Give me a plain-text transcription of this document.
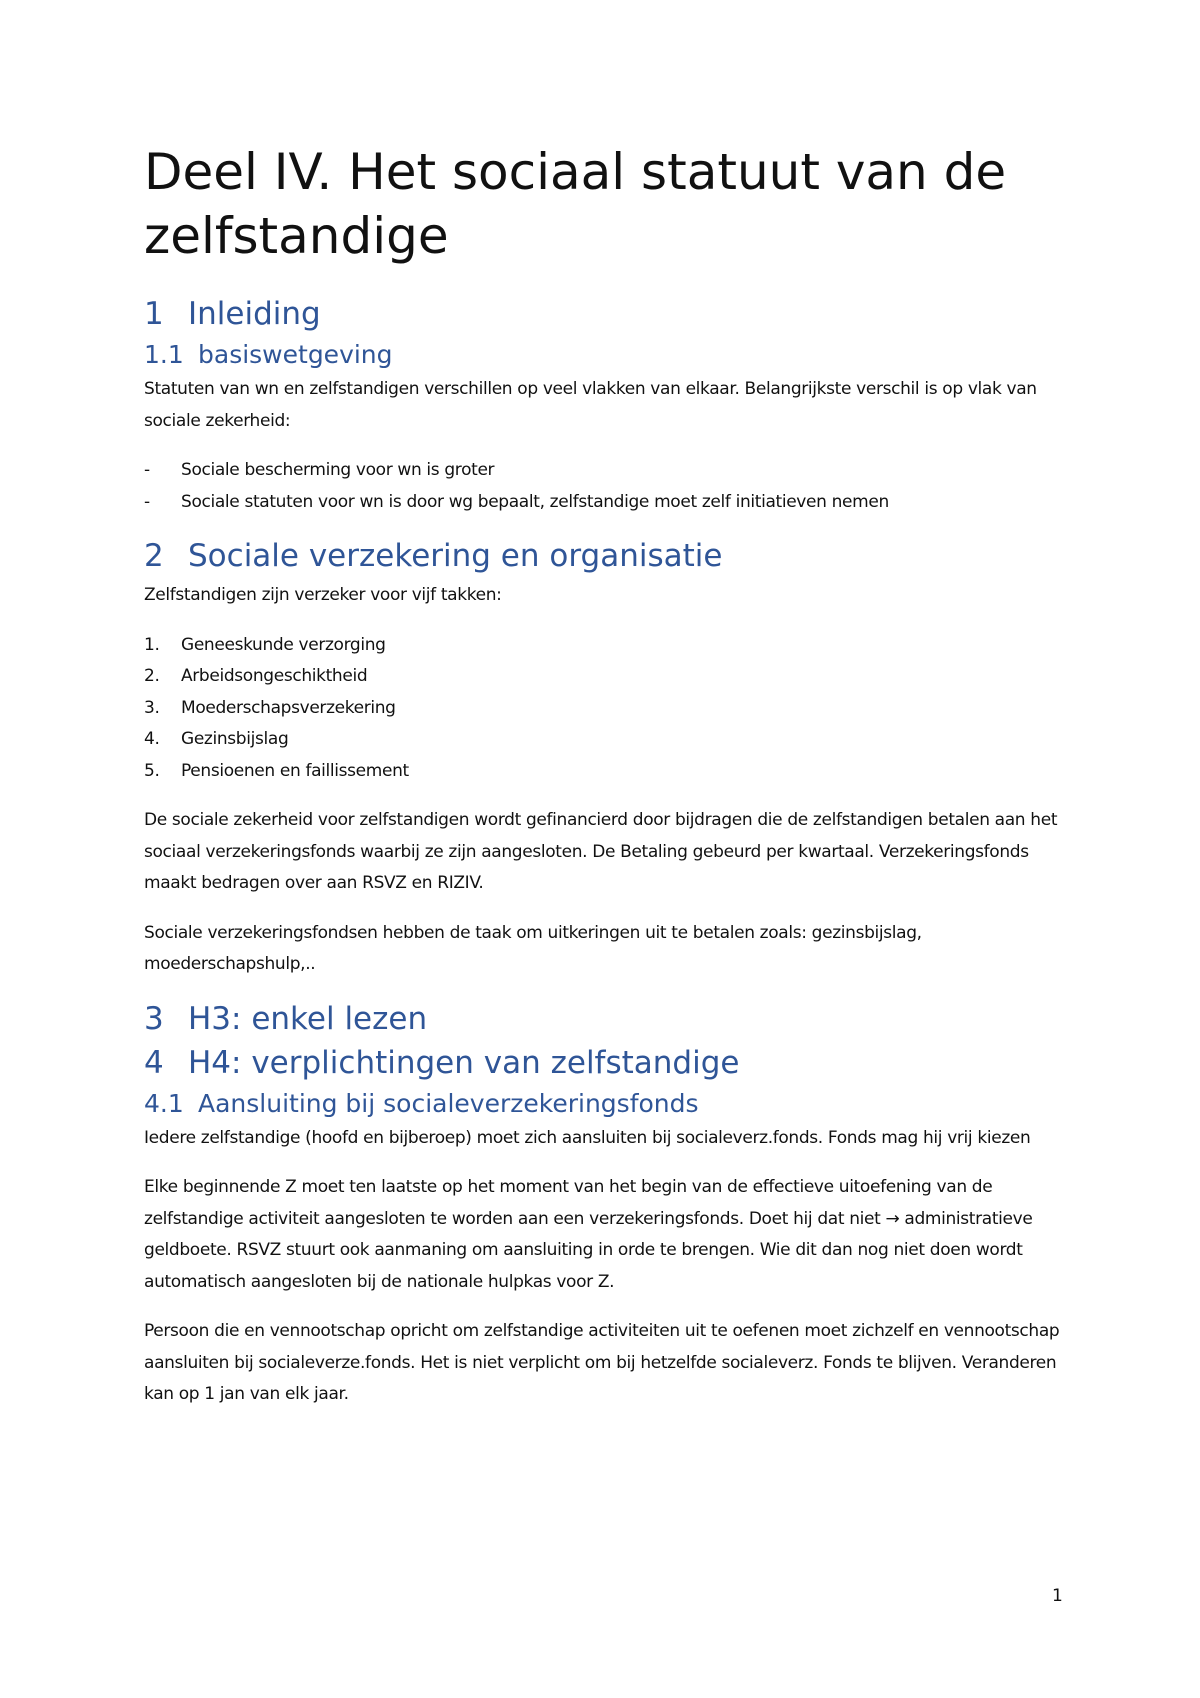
Deel IV. Het sociaal statuut van de zelfstandige
1 Inleiding
1.1 basiswetgeving

Statuten van wn en zelfstandigen verschillen op veel vlakken van elkaar. Belangrijkste verschil is op vlak van sociale zekerheid:

- Sociale bescherming voor wn is groter
- Sociale statuten voor wn is door wg bepaalt, zelfstandige moet zelf initiatieven nemen
2 Sociale verzekering en organisatie

Zelfstandigen zijn verzeker voor vijf takken:

1. Geneeskunde verzorging
2. Arbeidsongeschiktheid
3. Moederschapsverzekering
4. Gezinsbijslag
5. Pensioenen en faillissement

De sociale zekerheid voor zelfstandigen wordt gefinancierd door bijdragen die de zelfstandigen betalen aan het sociaal verzekeringsfonds waarbij ze zijn aangesloten. De Betaling gebeurd per kwartaal. Verzekeringsfonds maakt bedragen over aan RSVZ en RIZIV.

Sociale verzekeringsfondsen hebben de taak om uitkeringen uit te betalen zoals: gezinsbijslag, moederschapshulp,..

3 H3: enkel lezen
4 H4: verplichtingen van zelfstandige
4.1 Aansluiting bij socialeverzekeringsfonds

Iedere zelfstandige (hoofd en bijberoep) moet zich aansluiten bij socialeverz.fonds. Fonds mag hij vrij kiezen

Elke beginnende Z moet ten laatste op het moment van het begin van de effectieve uitoefening van de zelfstandige activiteit aangesloten te worden aan een verzekeringsfonds. Doet hij dat niet → administratieve geldboete. RSVZ stuurt ook aanmaning om aansluiting in orde te brengen. Wie dit dan nog niet doen wordt automatisch aangesloten bij de nationale hulpkas voor Z.

Persoon die en vennootschap opricht om zelfstandige activiteiten uit te oefenen moet zichzelf en vennootschap aansluiten bij socialeverze.fonds. Het is niet verplicht om bij hetzelfde socialeverz. Fonds te blijven. Veranderen kan op 1 jan van elk jaar.

1
